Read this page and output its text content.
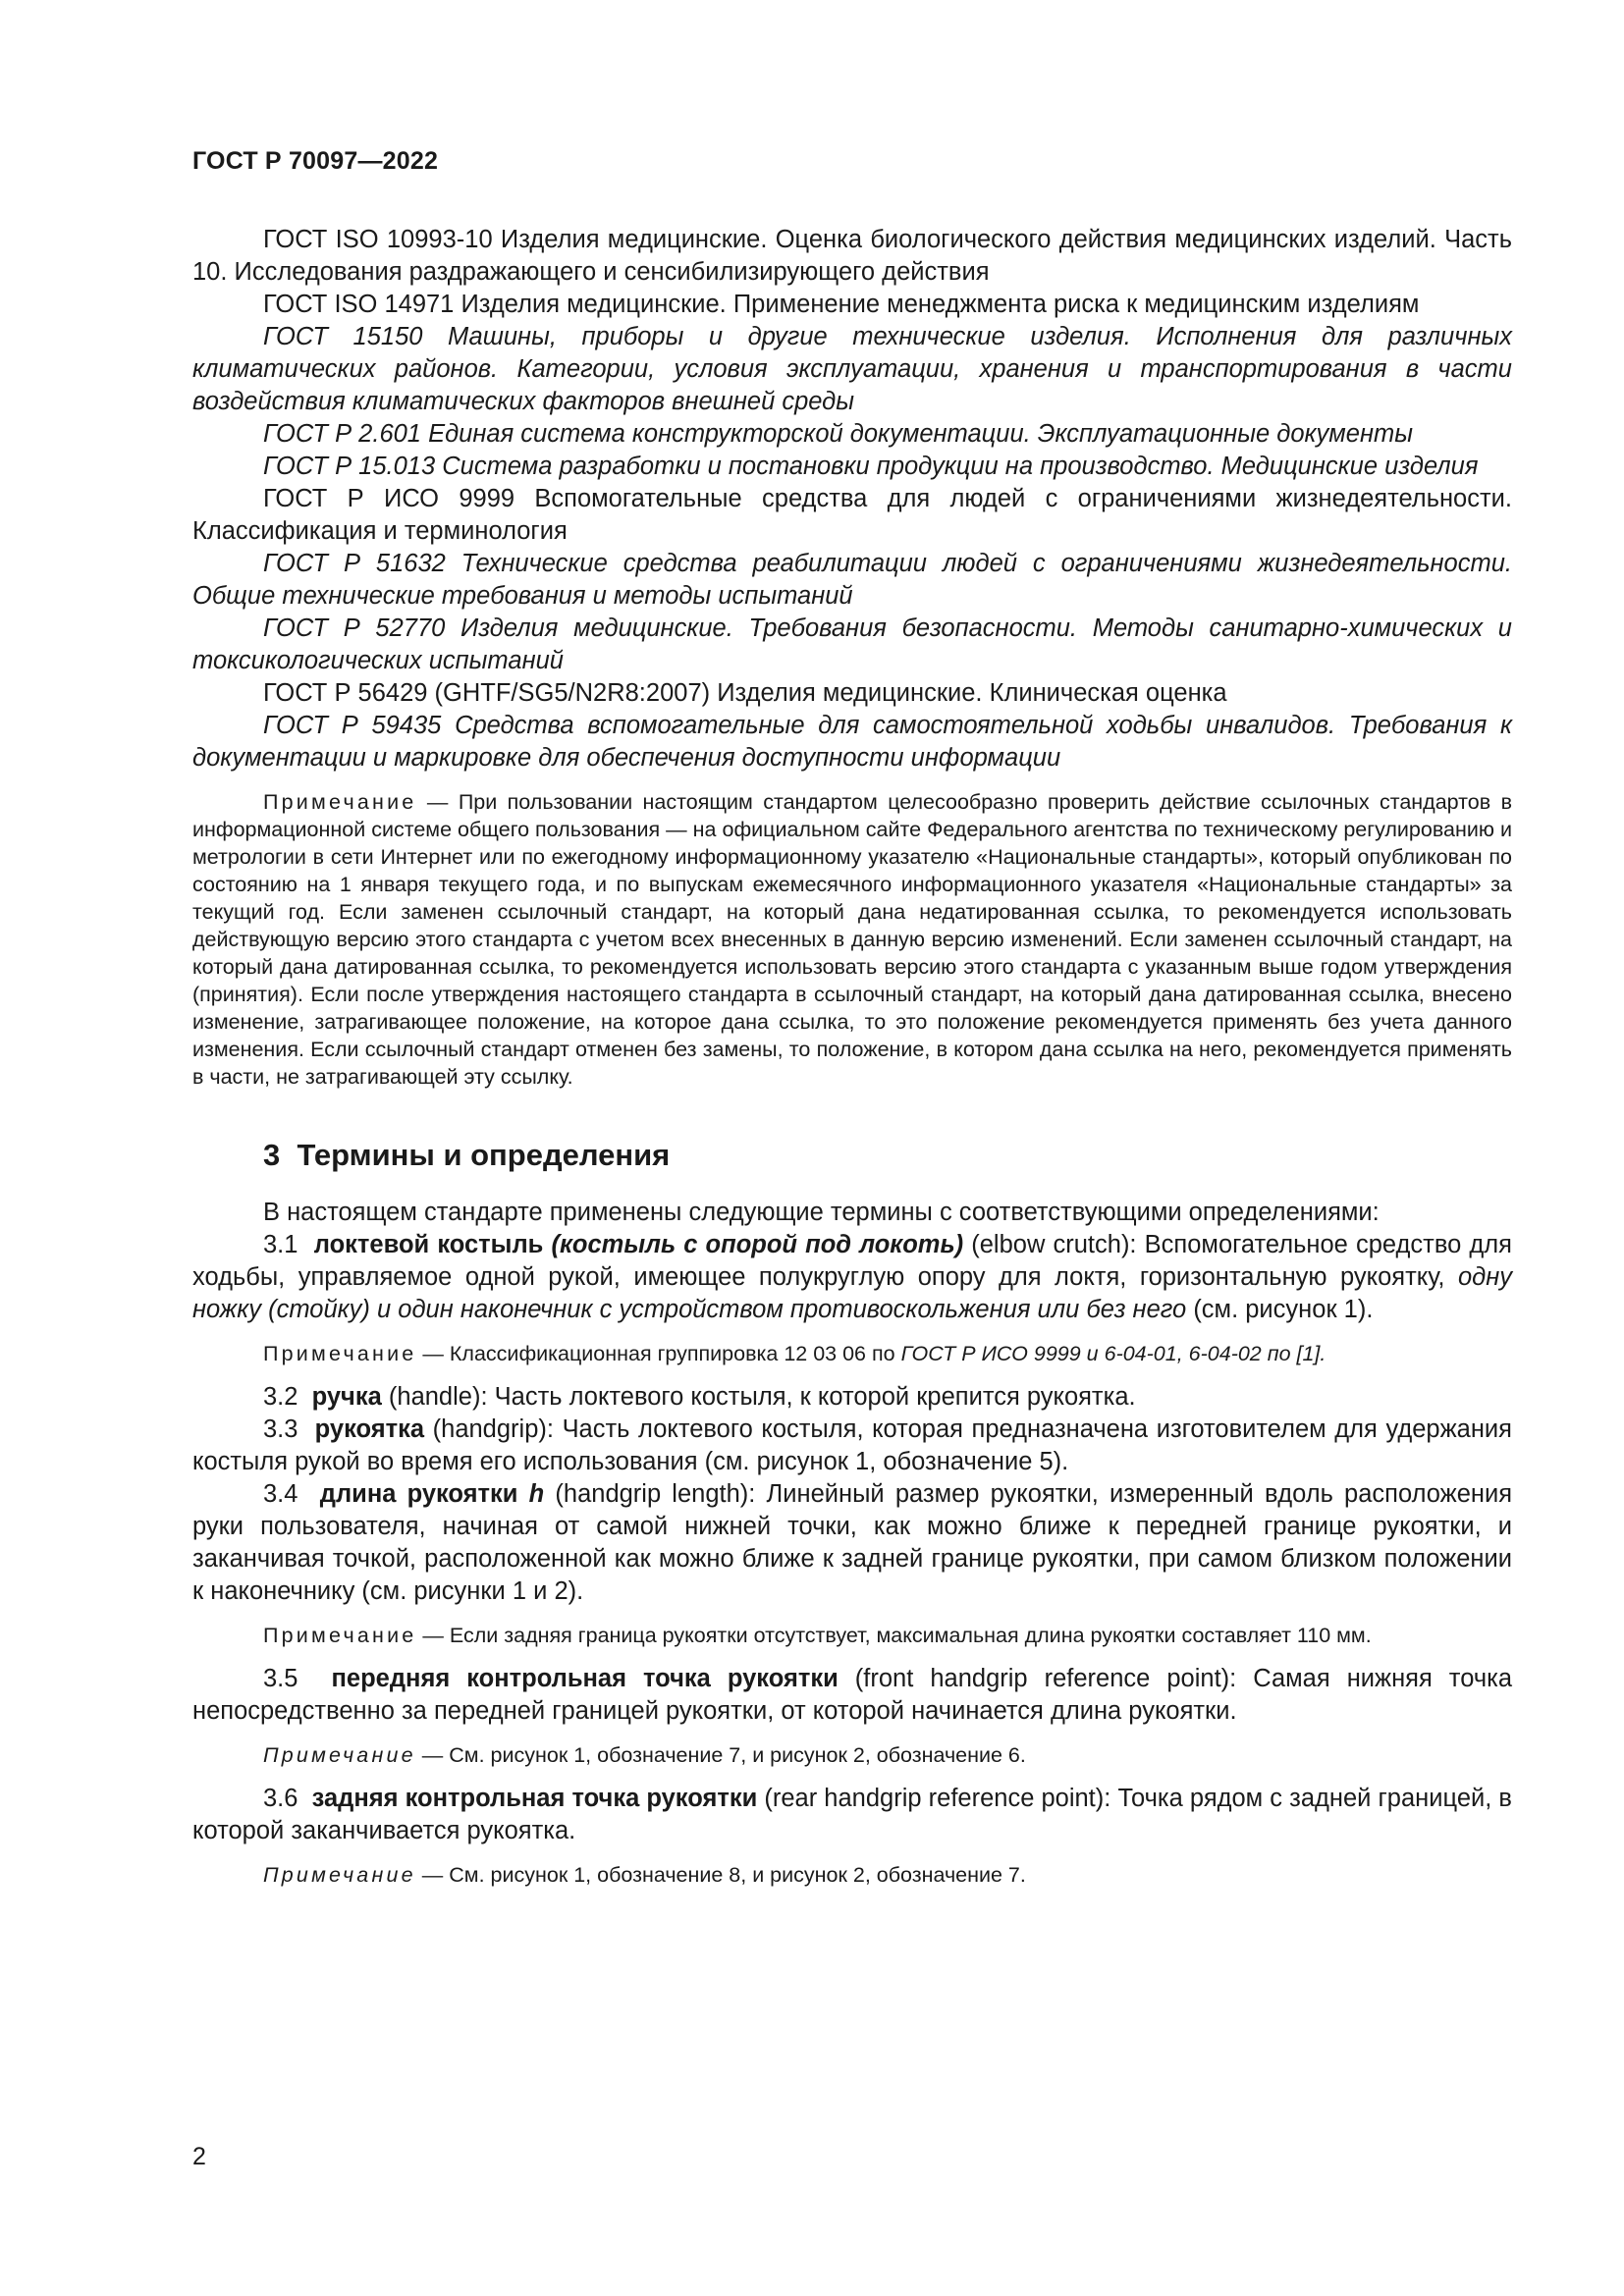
ГОСТ Р 70097—2022

ГОСТ ISO 10993-10 Изделия медицинские. Оценка биологического действия медицинских изделий. Часть 10. Исследования раздражающего и сенсибилизирующего действия

ГОСТ ISO 14971 Изделия медицинские. Применение менеджмента риска к медицинским изделиям

ГОСТ 15150 Машины, приборы и другие технические изделия. Исполнения для различных климатических районов. Категории, условия эксплуатации, хранения и транспортирования в части воздействия климатических факторов внешней среды

ГОСТ Р 2.601 Единая система конструкторской документации. Эксплуатационные документы

ГОСТ Р 15.013 Система разработки и постановки продукции на производство. Медицинские изделия

ГОСТ Р ИСО 9999 Вспомогательные средства для людей с ограничениями жизнедеятельности. Классификация и терминология

ГОСТ Р 51632 Технические средства реабилитации людей с ограничениями жизнедеятельности. Общие технические требования и методы испытаний

ГОСТ Р 52770 Изделия медицинские. Требования безопасности. Методы санитарно-химических и токсикологических испытаний

ГОСТ Р 56429 (GHTF/SG5/N2R8:2007) Изделия медицинские. Клиническая оценка

ГОСТ Р 59435 Средства вспомогательные для самостоятельной ходьбы инвалидов. Требования к документации и маркировке для обеспечения доступности информации

Примечание — При пользовании настоящим стандартом целесообразно проверить действие ссылочных стандартов в информационной системе общего пользования — на официальном сайте Федерального агентства по техническому регулированию и метрологии в сети Интернет или по ежегодному информационному указателю «Национальные стандарты», который опубликован по состоянию на 1 января текущего года, и по выпускам ежемесячного информационного указателя «Национальные стандарты» за текущий год. Если заменен ссылочный стандарт, на который дана недатированная ссылка, то рекомендуется использовать действующую версию этого стандарта с учетом всех внесенных в данную версию изменений. Если заменен ссылочный стандарт, на который дана датированная ссылка, то рекомендуется использовать версию этого стандарта с указанным выше годом утверждения (принятия). Если после утверждения настоящего стандарта в ссылочный стандарт, на который дана датированная ссылка, внесено изменение, затрагивающее положение, на которое дана ссылка, то это положение рекомендуется применять без учета данного изменения. Если ссылочный стандарт отменен без замены, то положение, в котором дана ссылка на него, рекомендуется применять в части, не затрагивающей эту ссылку.

3 Термины и определения

В настоящем стандарте применены следующие термины с соответствующими определениями:

3.1 локтевой костыль (костыль с опорой под локоть) (elbow crutch): Вспомогательное средство для ходьбы, управляемое одной рукой, имеющее полукруглую опору для локтя, горизонтальную рукоятку, одну ножку (стойку) и один наконечник с устройством противоскольжения или без него (см. рисунок 1).

Примечание — Классификационная группировка 12 03 06 по ГОСТ Р ИСО 9999 и 6-04-01, 6-04-02 по [1].

3.2 ручка (handle): Часть локтевого костыля, к которой крепится рукоятка.

3.3 рукоятка (handgrip): Часть локтевого костыля, которая предназначена изготовителем для удержания костыля рукой во время его использования (см. рисунок 1, обозначение 5).

3.4 длина рукоятки h (handgrip length): Линейный размер рукоятки, измеренный вдоль расположения руки пользователя, начиная от самой нижней точки, как можно ближе к передней границе рукоятки, и заканчивая точкой, расположенной как можно ближе к задней границе рукоятки, при самом близком положении к наконечнику (см. рисунки 1 и 2).

Примечание — Если задняя граница рукоятки отсутствует, максимальная длина рукоятки составляет 110 мм.

3.5 передняя контрольная точка рукоятки (front handgrip reference point): Самая нижняя точка непосредственно за передней границей рукоятки, от которой начинается длина рукоятки.

Примечание — См. рисунок 1, обозначение 7, и рисунок 2, обозначение 6.

3.6 задняя контрольная точка рукоятки (rear handgrip reference point): Точка рядом с задней границей, в которой заканчивается рукоятка.

Примечание — См. рисунок 1, обозначение 8, и рисунок 2, обозначение 7.

2
